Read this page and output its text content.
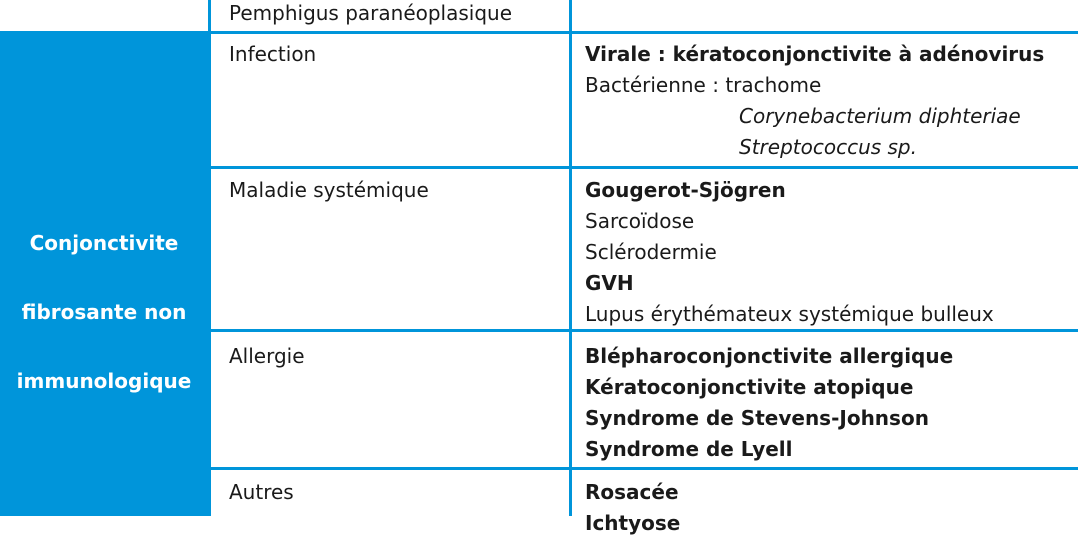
Conjonctivite
fibrosante non
immunologique
Pemphigus paranéoplasique
Infection	Virale : kératoconjonctivite à adénovirus
Bactérienne : trachome
Corynebacterium diphteriae
Streptococcus sp.
Maladie systémique	Gougerot-Sjögren
Sarcoïdose
Sclérodermie
GVH
Lupus érythémateux systémique bulleux
Allergie	Blépharoconjonctivite allergique
Kératoconjonctivite atopique
Syndrome de Stevens-Johnson
Syndrome de Lyell
Autres	Rosacée
Ichtyose
